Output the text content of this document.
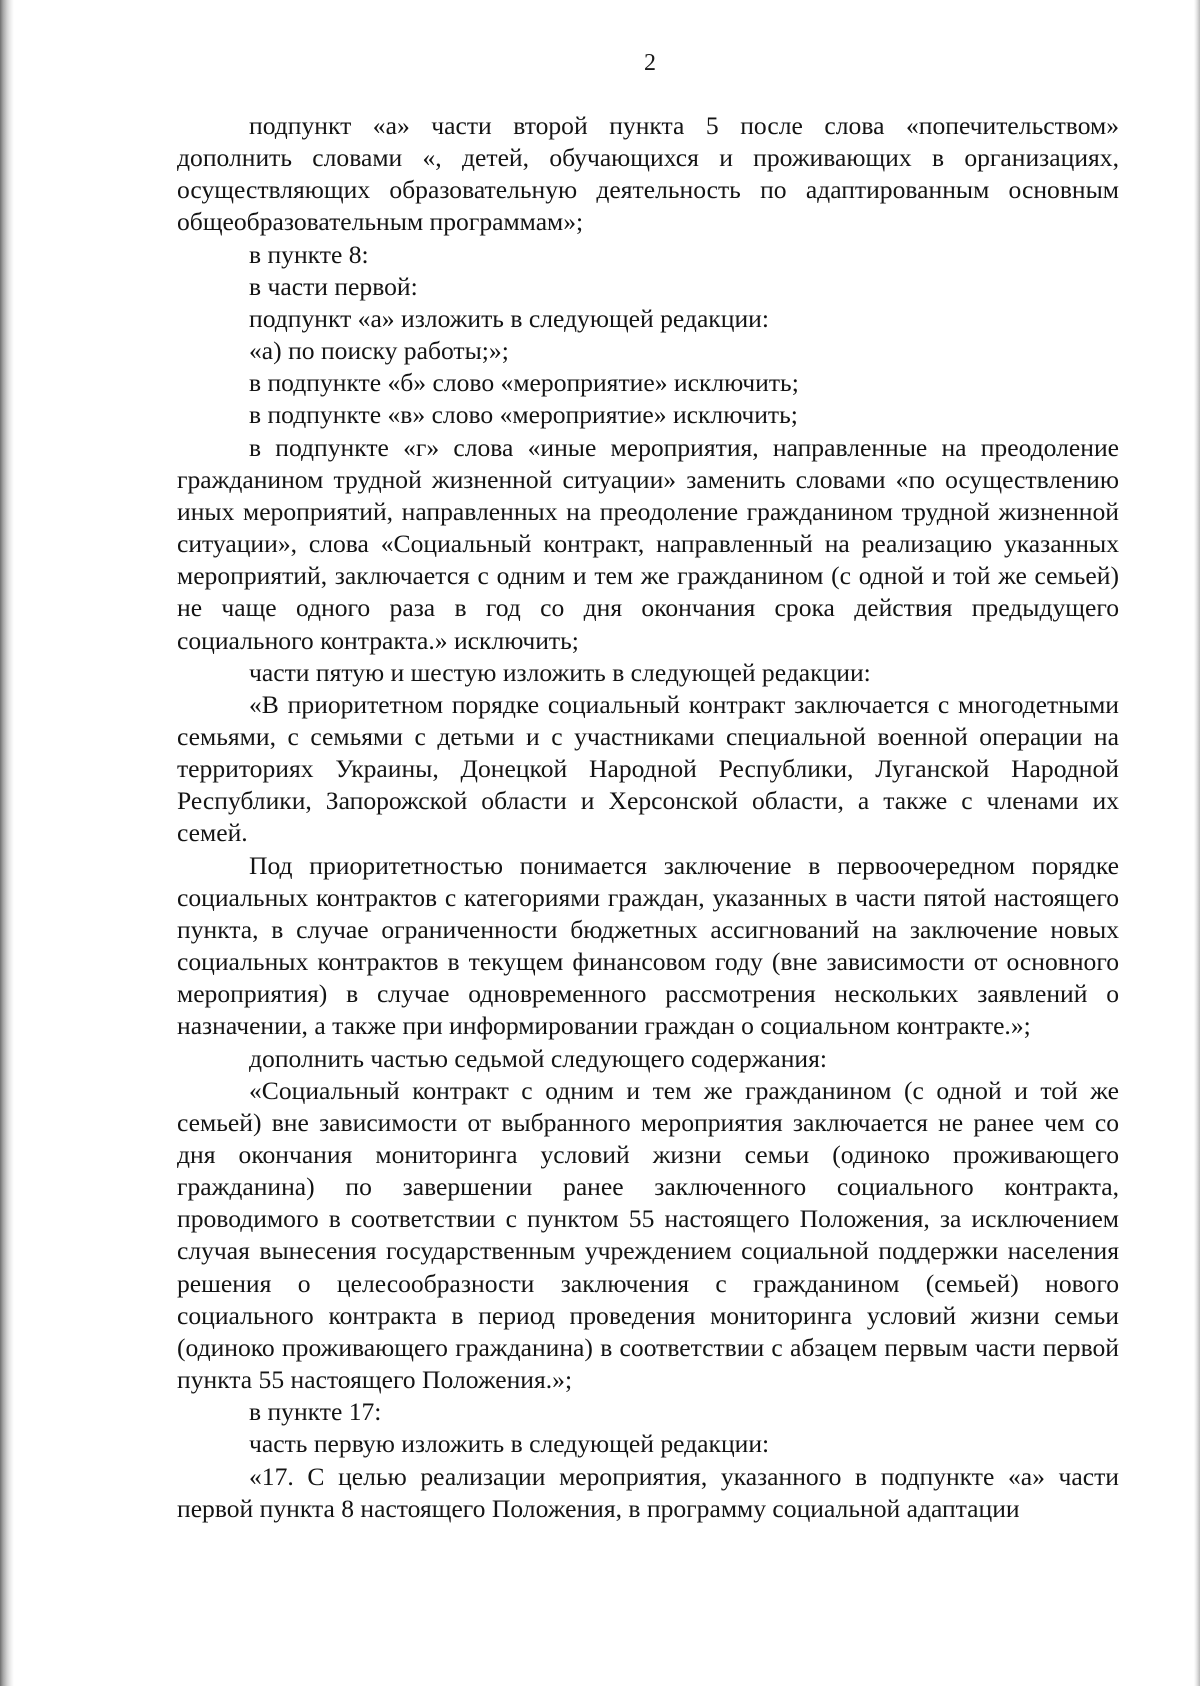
2

подпункт «а» части второй пункта 5 после слова «попечительством» дополнить словами «, детей, обучающихся и проживающих в организациях, осуществляющих образовательную деятельность по адаптированным основным общеобразовательным программам»;

в пункте 8:

в части первой:

подпункт «а» изложить в следующей редакции:

«а) по поиску работы;»;

в подпункте «б» слово «мероприятие» исключить;

в подпункте «в» слово «мероприятие» исключить;

в подпункте «г» слова «иные мероприятия, направленные на преодоление гражданином трудной жизненной ситуации» заменить словами «по осуществлению иных мероприятий, направленных на преодоление гражданином трудной жизненной ситуации», слова «Социальный контракт, направленный на реализацию указанных мероприятий, заключается с одним и тем же гражданином (с одной и той же семьей) не чаще одного раза в год со дня окончания срока действия предыдущего социального контракта.» исключить;

части пятую и шестую изложить в следующей редакции:

«В приоритетном порядке социальный контракт заключается с многодетными семьями, с семьями с детьми и с участниками специальной военной операции на территориях Украины, Донецкой Народной Республики, Луганской Народной Республики, Запорожской области и Херсонской области, а также с членами их семей.

Под приоритетностью понимается заключение в первоочередном порядке социальных контрактов с категориями граждан, указанных в части пятой настоящего пункта, в случае ограниченности бюджетных ассигнований на заключение новых социальных контрактов в текущем финансовом году (вне зависимости от основного мероприятия) в случае одновременного рассмотрения нескольких заявлений о назначении, а также при информировании граждан о социальном контракте.»;

дополнить частью седьмой следующего содержания:

«Социальный контракт с одним и тем же гражданином (с одной и той же семьей) вне зависимости от выбранного мероприятия заключается не ранее чем со дня окончания мониторинга условий жизни семьи (одиноко проживающего гражданина) по завершении ранее заключенного социального контракта, проводимого в соответствии с пунктом 55 настоящего Положения, за исключением случая вынесения государственным учреждением социальной поддержки населения решения о целесообразности заключения с гражданином (семьей) нового социального контракта в период проведения мониторинга условий жизни семьи (одиноко проживающего гражданина) в соответствии с абзацем первым части первой пункта 55 настоящего Положения.»;

в пункте 17:

часть первую изложить в следующей редакции:

«17. С целью реализации мероприятия, указанного в подпункте «а» части первой пункта 8 настоящего Положения, в программу социальной адаптации
